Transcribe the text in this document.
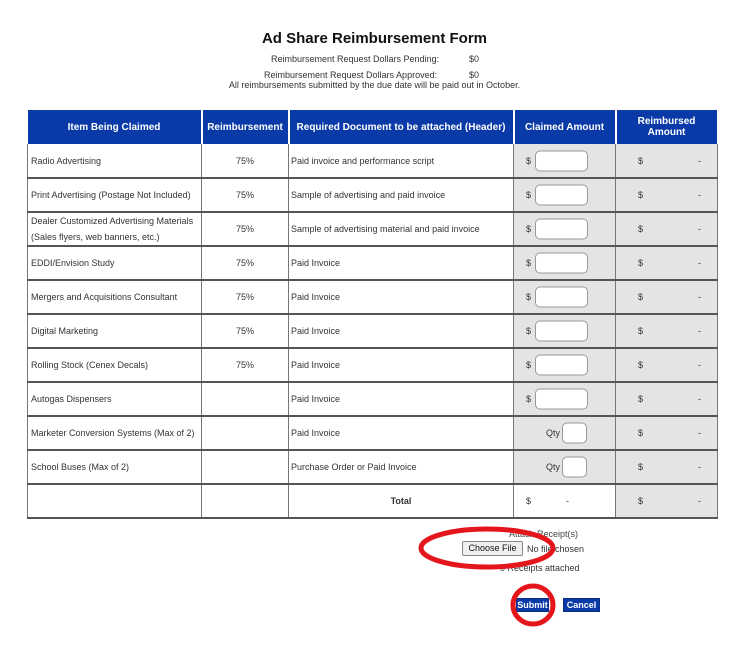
Ad Share Reimbursement Form
Reimbursement Request Dollars Pending:	$0
Reimbursement Request Dollars Approved:	$0
All reimbursements submitted by the due date will be paid out in October.
Item Being Claimed	Reimbursement	Required Document to be attached (Header)	Claimed Amount	Reimbursed Amount
Radio Advertising	75%	Paid invoice and performance script	$	$ -

Print Advertising (Postage Not Included)	75%	Sample of advertising and paid invoice	$	$ -

Dealer Customized Advertising Materials
(Sales flyers, web banners, etc.)	75%	Sample of advertising material and paid invoice	$	$ -

EDDI/Envision Study	75%	Paid Invoice	$	$ -

Mergers and Acquisitions Consultant	75%	Paid Invoice	$	$ -

Digital Marketing	75%	Paid Invoice	$	$ -

Rolling Stock (Cenex Decals)	75%	Paid Invoice	$	$ -

Autogas Dispensers		Paid Invoice	$	$ -

Marketer Conversion Systems (Max of 2)		Paid Invoice	Qty	$ -

School Buses (Max of 2)		Purchase Order or Paid Invoice	Qty	$ -

		Total	$ -	$ -
Attach Receipt(s)
Choose File	No file chosen
0 Receipts attached
Submit	Cancel
